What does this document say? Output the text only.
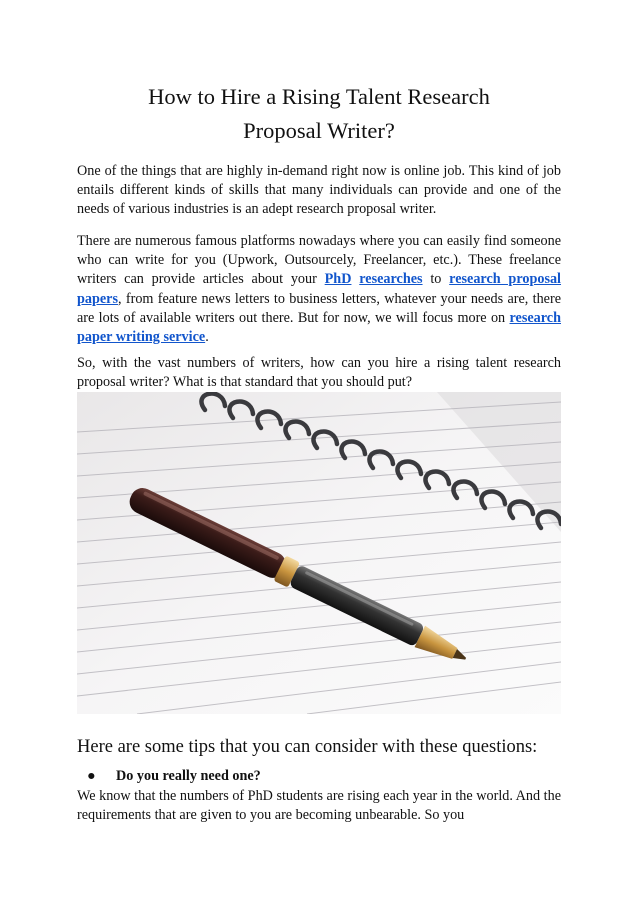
How to Hire a Rising Talent Research
Proposal Writer?

One of the things that are highly in-demand right now is online job. This kind of job entails different kinds of skills that many individuals can provide and one of the needs of various industries is an adept research proposal writer.

There are numerous famous platforms nowadays where you can easily find someone who can write for you (Upwork, Outsourcely, Freelancer, etc.). These freelance writers can provide articles about your PhD researches to research proposal papers, from feature news letters to business letters, whatever your needs are, there are lots of available writers out there. But for now, we will focus more on research paper writing service.

So, with the vast numbers of writers, how can you hire a rising talent research proposal writer? What is that standard that you should put?

Here are some tips that you can consider with these questions:
● Do you really need one?

We know that the numbers of PhD students are rising each year in the world. And the requirements that are given to you are becoming unbearable. So you
